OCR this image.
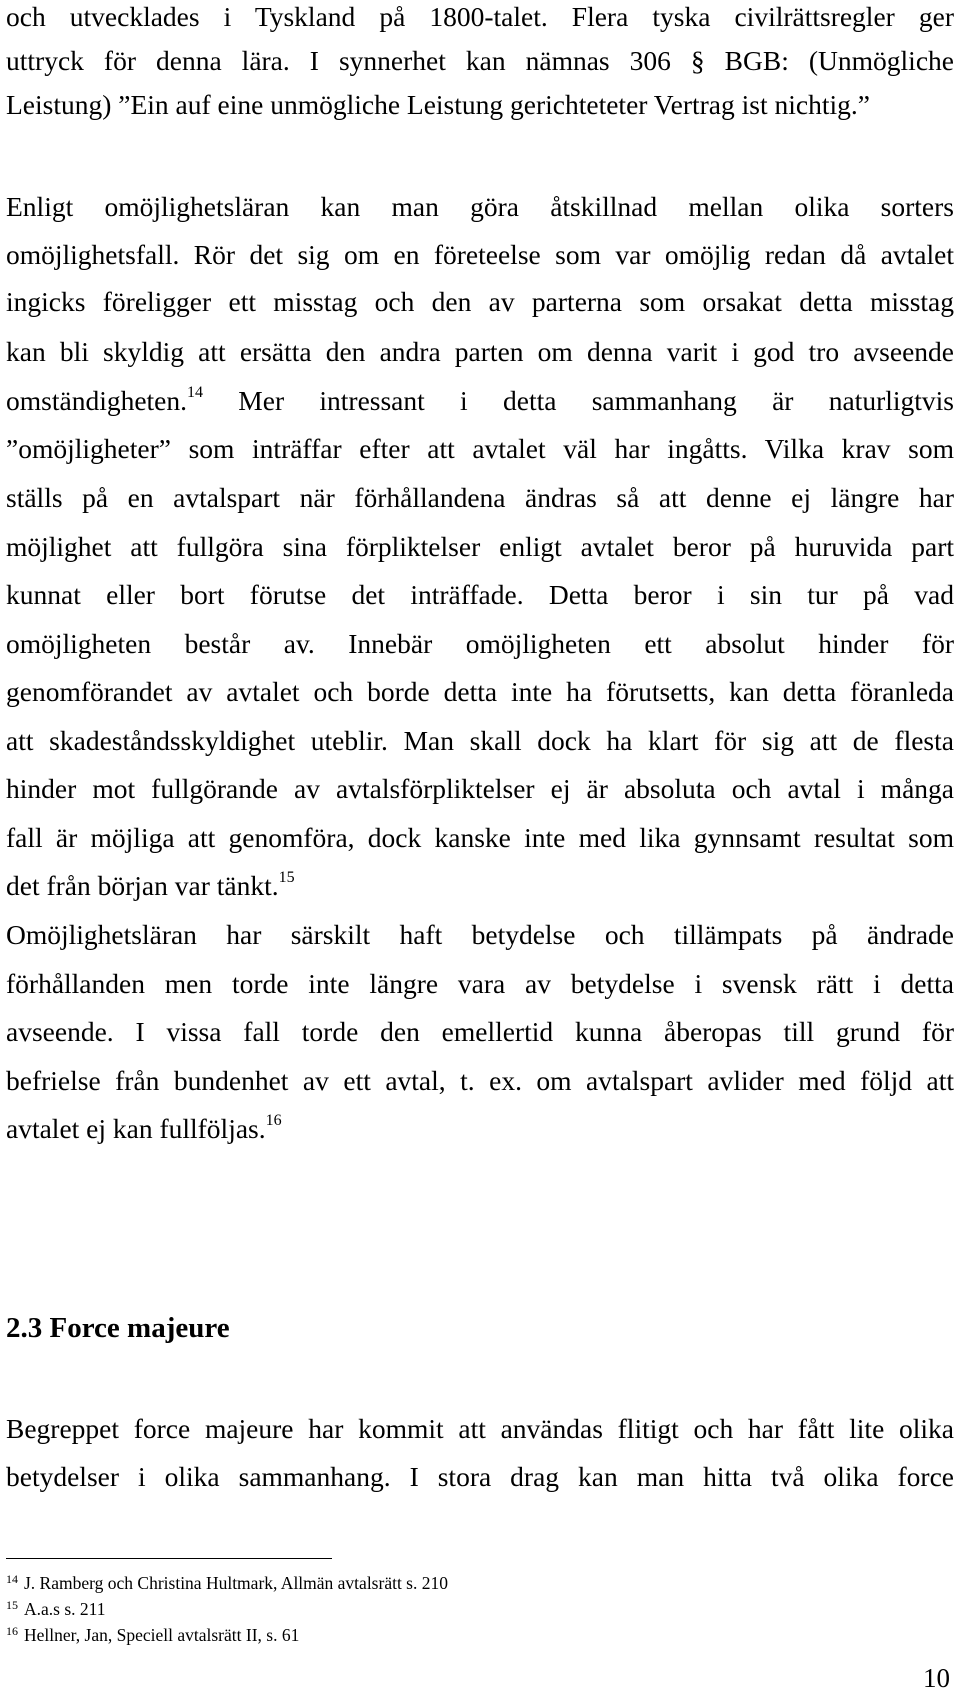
och utvecklades i Tyskland på 1800-talet. Flera tyska civilrättsregler ger
uttryck för denna lära. I synnerhet kan nämnas 306 § BGB: (Unmögliche
Leistung) ”Ein auf eine unmögliche Leistung gerichteteter Vertrag ist nichtig.”
Enligt omöjlighetsläran kan man göra åtskillnad mellan olika sorters
omöjlighetsfall. Rör det sig om en företeelse som var omöjlig redan då avtalet
ingicks föreligger ett misstag och den av parterna som orsakat detta misstag
kan bli skyldig att ersätta den andra parten om denna varit i god tro avseende
omständigheten.$^{14}$ Mer intressant i detta sammanhang är naturligtvis
”omöjligheter” som inträffar efter att avtalet väl har ingåtts. Vilka krav som
ställs på en avtalspart när förhållandena ändras så att denne ej längre har
möjlighet att fullgöra sina förpliktelser enligt avtalet beror på huruvida part
kunnat eller bort förutse det inträffade. Detta beror i sin tur på vad
omöjligheten består av. Innebär omöjligheten ett absolut hinder för
genomförandet av avtalet och borde detta inte ha förutsetts, kan detta föranleda
att skadeståndsskyldighet uteblir. Man skall dock ha klart för sig att de flesta
hinder mot fullgörande av avtalsförpliktelser ej är absoluta och avtal i många
fall är möjliga att genomföra, dock kanske inte med lika gynnsamt resultat som
det från början var tänkt.$^{15}$
Omöjlighetsläran har särskilt haft betydelse och tillämpats på ändrade
förhållanden men torde inte längre vara av betydelse i svensk rätt i detta
avseende. I vissa fall torde den emellertid kunna åberopas till grund för
befrielse från bundenhet av ett avtal, t. ex. om avtalspart avlider med följd att
avtalet ej kan fullföljas.$^{16}$
2.3 Force majeure
Begreppet force majeure har kommit att användas flitigt och har fått lite olika
betydelser i olika sammanhang. I stora drag kan man hitta två olika force
$^{14}$ J. Ramberg och Christina Hultmark, Allmän avtalsrätt s. 210
$^{15}$ A.a.s s. 211
$^{16}$ Hellner, Jan, Speciell avtalsrätt II, s. 61
10
